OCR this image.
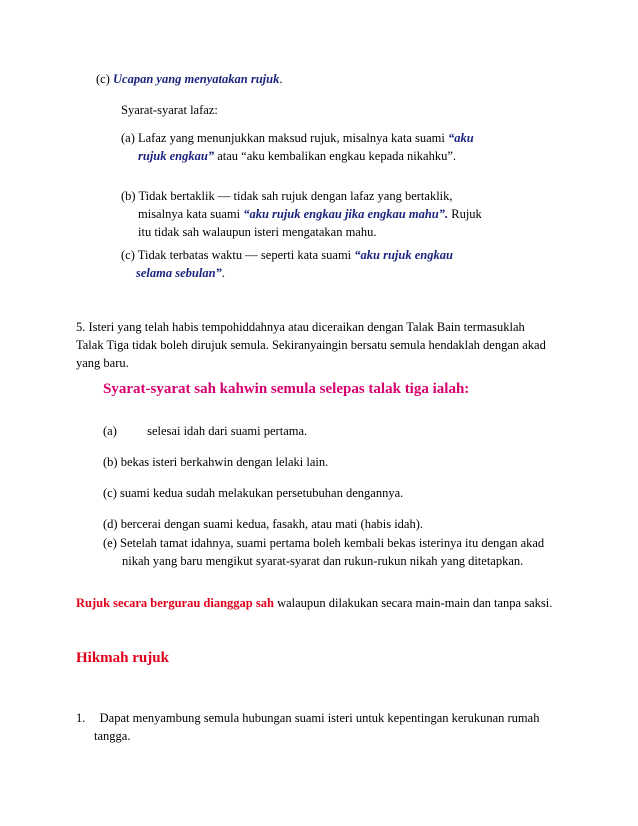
(c) Ucapan yang menyatakan rujuk.
Syarat-syarat lafaz:
(a) Lafaz yang menunjukkan maksud rujuk, misalnya kata suami “aku
rujuk engkau” atau “aku kembalikan engkau kepada nikahku”.
(b) Tidak bertaklik — tidak sah rujuk dengan lafaz yang bertaklik,
misalnya kata suami “aku rujuk engkau jika engkau mahu”. Rujuk
itu tidak sah walaupun isteri mengatakan mahu.
(c) Tidak terbatas waktu — seperti kata suami “aku rujuk engkau
selama sebulan”.
5. Isteri yang telah habis tempohiddahnya atau diceraikan dengan Talak Bain termasuklah
Talak Tiga tidak boleh dirujuk semula. Sekiranyaingin bersatu semula hendaklah dengan akad
yang baru.
Syarat-syarat sah kahwin semula selepas talak tiga ialah:
(a) selesai idah dari suami pertama.
(b) bekas isteri berkahwin dengan lelaki lain.
(c) suami kedua sudah melakukan persetubuhan dengannya.
(d) bercerai dengan suami kedua, fasakh, atau mati (habis idah).
(e) Setelah tamat idahnya, suami pertama boleh kembali bekas isterinya itu dengan akad
nikah yang baru mengikut syarat-syarat dan rukun-rukun nikah yang ditetapkan.
Rujuk secara bergurau dianggap sah walaupun dilakukan secara main-main dan tanpa saksi.
Hikmah rujuk
1. Dapat menyambung semula hubungan suami isteri untuk kepentingan kerukunan rumah
tangga.
